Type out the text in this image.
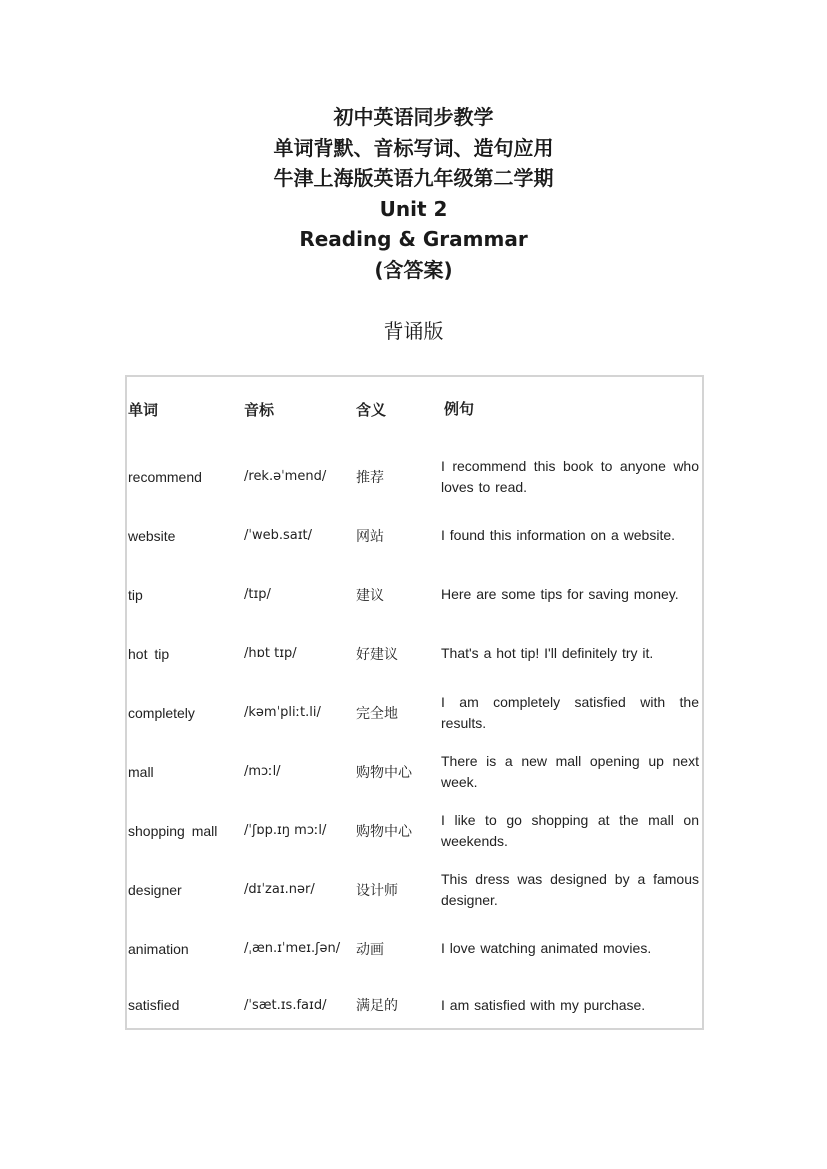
初中英语同步教学
单词背默、音标写词、造句应用
牛津上海版英语九年级第二学期
Unit 2
Reading & Grammar
(含答案)
背诵版
单词	音标	含义	例句
recommend	/rek.əˈmend/	推荐	I recommend this book to anyone who loves to read.
website	/ˈweb.saɪt/	网站	I found this information on a website.
tip	/tɪp/	建议	Here are some tips for saving money.
hot tip	/hɒt tɪp/	好建议	That's a hot tip! I'll definitely try it.
completely	/kəmˈpliːt.li/	完全地	I am completely satisfied with the results.
mall	/mɔːl/	购物中心	There is a new mall opening up next week.
shopping mall	/ˈʃɒp.ɪŋ mɔːl/	购物中心	I like to go shopping at the mall on weekends.
designer	/dɪˈzaɪ.nər/	设计师	This dress was designed by a famous designer.
animation	/ˌæn.ɪˈmeɪ.ʃən/	动画	I love watching animated movies.
satisfied	/ˈsæt.ɪs.faɪd/	满足的	I am satisfied with my purchase.
